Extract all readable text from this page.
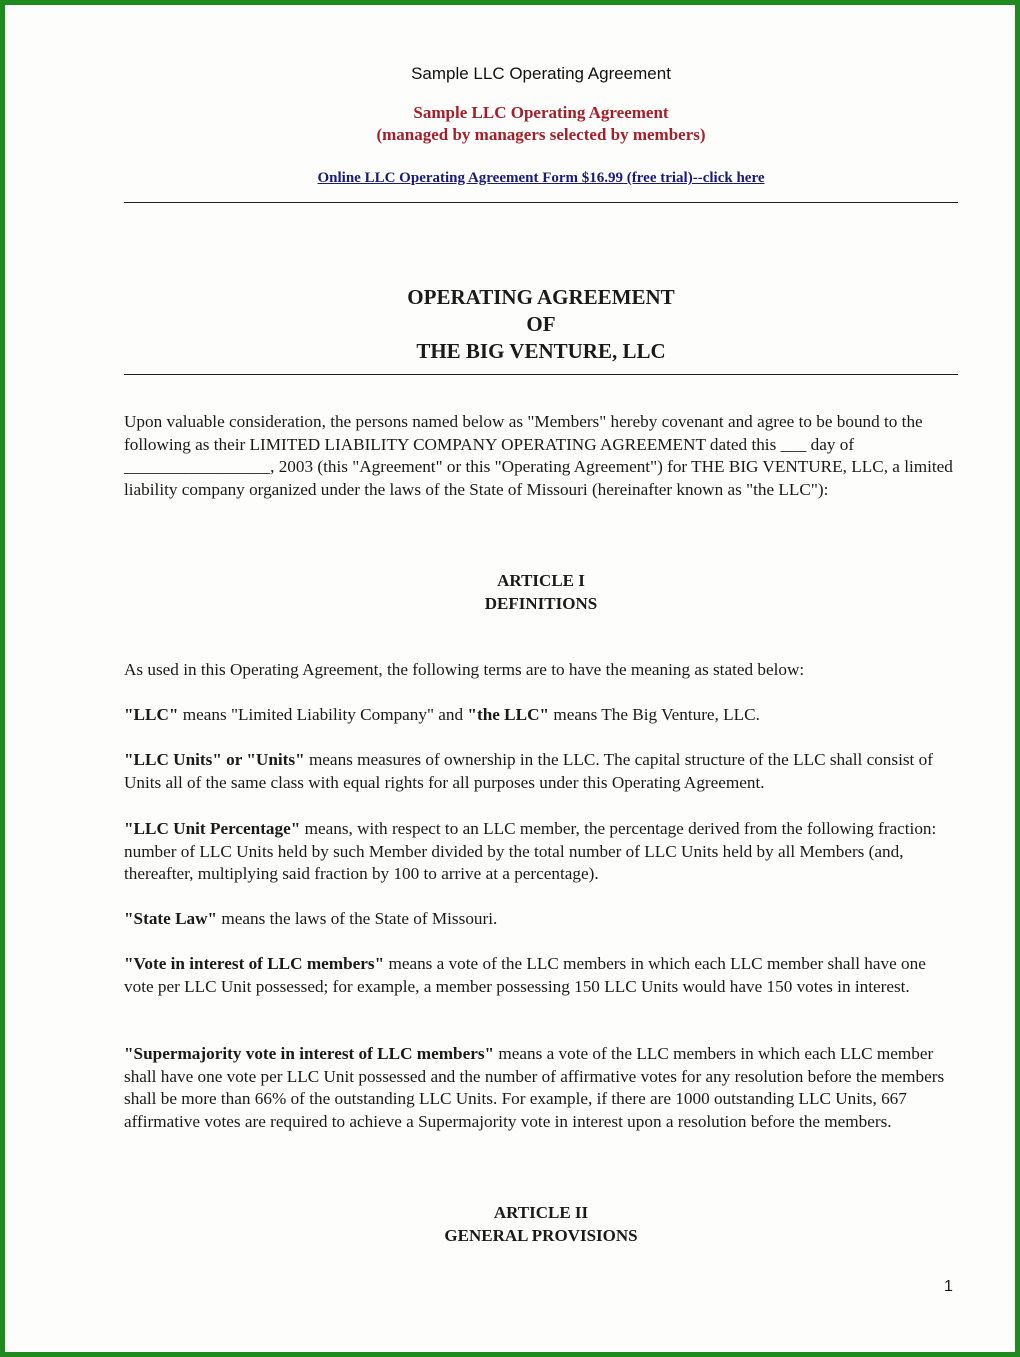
Sample LLC Operating Agreement
Sample LLC Operating Agreement
(managed by managers selected by members)
Online LLC Operating Agreement Form $16.99 (free trial)--click here
OPERATING AGREEMENT
OF
THE BIG VENTURE, LLC
Upon valuable consideration, the persons named below as "Members" hereby covenant and agree to be bound to the following as their LIMITED LIABILITY COMPANY OPERATING AGREEMENT dated this ___ day of _________________, 2003 (this "Agreement" or this "Operating Agreement") for THE BIG VENTURE, LLC, a limited liability company organized under the laws of the State of Missouri (hereinafter known as "the LLC"):
ARTICLE I
DEFINITIONS
As used in this Operating Agreement, the following terms are to have the meaning as stated below:
"LLC" means "Limited Liability Company" and "the LLC" means The Big Venture, LLC.
"LLC Units" or "Units" means measures of ownership in the LLC. The capital structure of the LLC shall consist of Units all of the same class with equal rights for all purposes under this Operating Agreement.
"LLC Unit Percentage" means, with respect to an LLC member, the percentage derived from the following fraction: number of LLC Units held by such Member divided by the total number of LLC Units held by all Members (and, thereafter, multiplying said fraction by 100 to arrive at a percentage).
"State Law" means the laws of the State of Missouri.
"Vote in interest of LLC members" means a vote of the LLC members in which each LLC member shall have one vote per LLC Unit possessed; for example, a member possessing 150 LLC Units would have 150 votes in interest.
"Supermajority vote in interest of LLC members" means a vote of the LLC members in which each LLC member shall have one vote per LLC Unit possessed and the number of affirmative votes for any resolution before the members shall be more than 66% of the outstanding LLC Units. For example, if there are 1000 outstanding LLC Units, 667 affirmative votes are required to achieve a Supermajority vote in interest upon a resolution before the members.
ARTICLE II
GENERAL PROVISIONS
1
